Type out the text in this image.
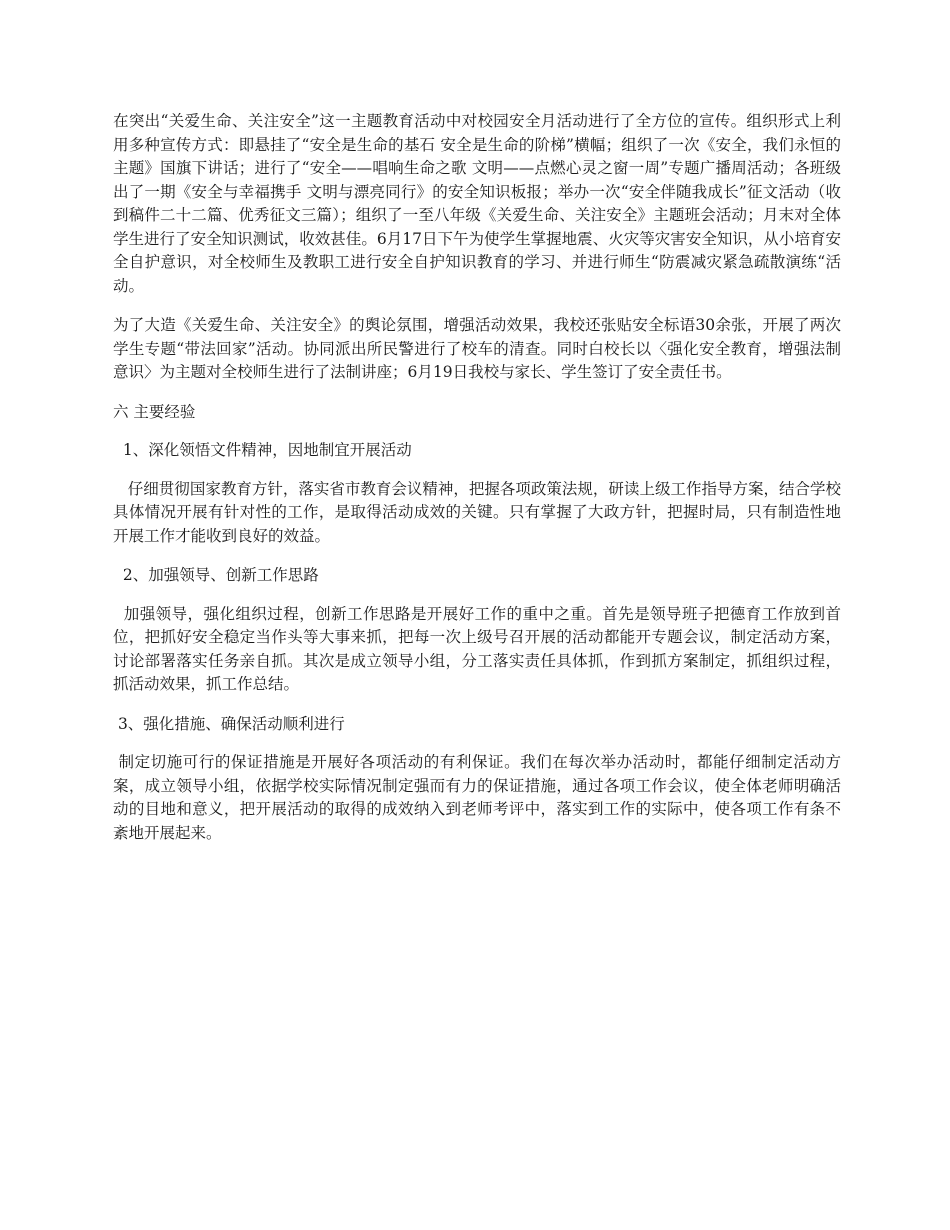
在突出“关爱生命、关注安全”这一主题教育活动中对校园安全月活动进行了全方位的宣传。组织形式上利用多种宣传方式：即悬挂了“安全是生命的基石 安全是生命的阶梯”横幅；组织了一次《安全，我们永恒的主题》国旗下讲话；进行了“安全——唱响生命之歌 文明——点燃心灵之窗一周”专题广播周活动；各班级出了一期《安全与幸福携手 文明与漂亮同行》的安全知识板报；举办一次“安全伴随我成长”征文活动（收到稿件二十二篇、优秀征文三篇）；组织了一至八年级《关爱生命、关注安全》主题班会活动；月末对全体学生进行了安全知识测试，收效甚佳。6月17日下午为使学生掌握地震、火灾等灾害安全知识，从小培育安全自护意识，对全校师生及教职工进行安全自护知识教育的学习、并进行师生“防震减灾紧急疏散演练“活动。

为了大造《关爱生命、关注安全》的舆论氛围，增强活动效果，我校还张贴安全标语30余张，开展了两次学生专题“带法回家”活动。协同派出所民警进行了校车的清查。同时白校长以〈强化安全教育，增强法制意识〉为主题对全校师生进行了法制讲座；6月19日我校与家长、学生签订了安全责任书。

六 主要经验

1、深化领悟文件精神，因地制宜开展活动

仔细贯彻国家教育方针，落实省市教育会议精神，把握各项政策法规，研读上级工作指导方案，结合学校具体情况开展有针对性的工作，是取得活动成效的关键。只有掌握了大政方针，把握时局，只有制造性地开展工作才能收到良好的效益。

2、加强领导、创新工作思路

加强领导，强化组织过程，创新工作思路是开展好工作的重中之重。首先是领导班子把德育工作放到首位，把抓好安全稳定当作头等大事来抓，把每一次上级号召开展的活动都能开专题会议，制定活动方案，讨论部署落实任务亲自抓。其次是成立领导小组，分工落实责任具体抓，作到抓方案制定，抓组织过程，抓活动效果，抓工作总结。

3、强化措施、确保活动顺利进行

制定切施可行的保证措施是开展好各项活动的有利保证。我们在每次举办活动时，都能仔细制定活动方案，成立领导小组，依据学校实际情况制定强而有力的保证措施，通过各项工作会议，使全体老师明确活动的目地和意义，把开展活动的取得的成效纳入到老师考评中，落实到工作的实际中，使各项工作有条不紊地开展起来。
